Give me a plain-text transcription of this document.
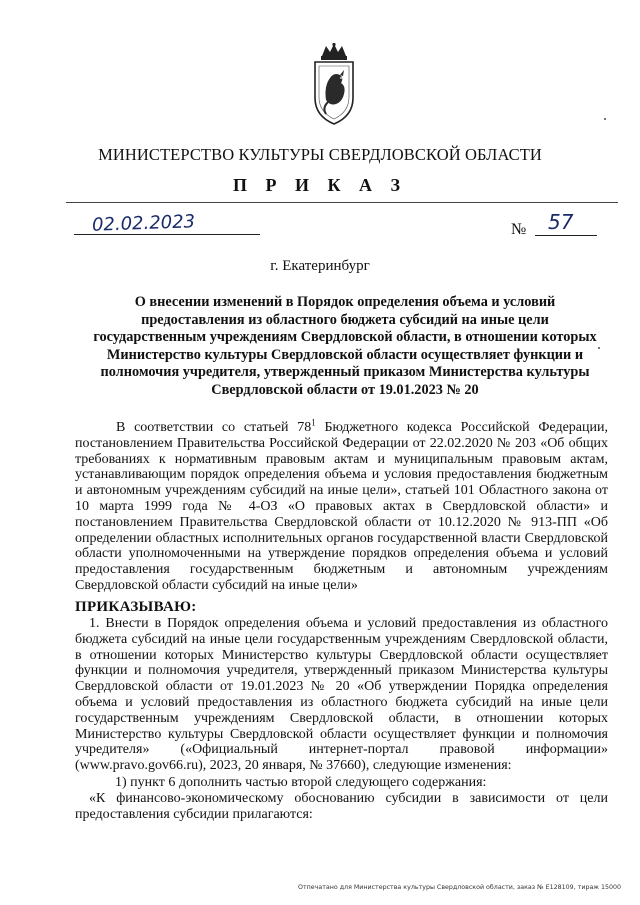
МИНИСТЕРСТВО КУЛЬТУРЫ СВЕРДЛОВСКОЙ ОБЛАСТИ
П Р И К А З
02.02.2023	№ 57
г. Екатеринбург
О внесении изменений в Порядок определения объема и условий предоставления из областного бюджета субсидий на иные цели государственным учреждениям Свердловской области, в отношении которых Министерство культуры Свердловской области осуществляет функции и полномочия учредителя, утвержденный приказом Министерства культуры Свердловской области от 19.01.2023 № 20
В соответствии со статьей $78^1$ Бюджетного кодекса Российской Федерации, постановлением Правительства Российской Федерации от 22.02.2020 № 203 «Об общих требованиях к нормативным правовым актам и муниципальным правовым актам, устанавливающим порядок определения объема и условия предоставления бюджетным и автономным учреждениям субсидий на иные цели», статьей 101 Областного закона от 10 марта 1999 года № 4-ОЗ «О правовых актах в Свердловской области» и постановлением Правительства Свердловской области от 10.12.2020 № 913-ПП «Об определении областных исполнительных органов государственной власти Свердловской области уполномоченными на утверждение порядков определения объема и условий предоставления государственным бюджетным и автономным учреждениям Свердловской области субсидий на иные цели»
ПРИКАЗЫВАЮ:
1. Внести в Порядок определения объема и условий предоставления из областного бюджета субсидий на иные цели государственным учреждениям Свердловской области, в отношении которых Министерство культуры Свердловской области осуществляет функции и полномочия учредителя, утвержденный приказом Министерства культуры Свердловской области от 19.01.2023 № 20 «Об утверждении Порядка определения объема и условий предоставления из областного бюджета субсидий на иные цели государственным учреждениям Свердловской области, в отношении которых Министерство культуры Свердловской области осуществляет функции и полномочия учредителя» («Официальный интернет-портал правовой информации» (www.pravo.gov66.ru), 2023, 20 января, № 37660), следующие изменения:
1) пункт 6 дополнить частью второй следующего содержания:
«К финансово-экономическому обоснованию субсидии в зависимости от цели предоставления субсидии прилагаются:
Отпечатано для Министерства культуры Свердловской области, заказ № Е128109, тираж 15000
